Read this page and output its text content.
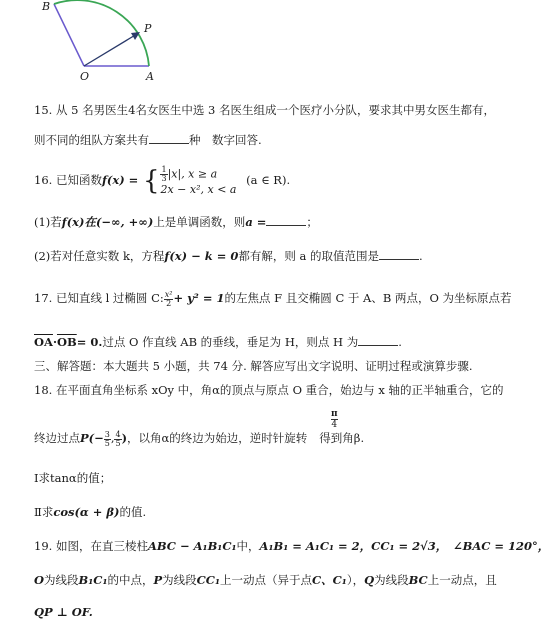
B
P
O	A
15. 从 5 名男医生4名女医生中选 3 名医生组成一个医疗小分队，要求其中男女医生都有，
则不同的组队方案共有	种　数字回答.
16. 已知函数f(x) = { $\frac{1}{3} |x|$, x ≥ a
2x − x², x < a
(a ∈ R).
(1)若f(x)在(−∞, +∞)上是单调函数，则a =	；
(2)若对任意实数 k，方程f(x) − k = 0都有解，则 a 的取值范围是	.
17. 已知直线 l 过椭圆 C: $\frac{\text{x²}}{2} + y^2 = 1$的左焦点 F 且交椭圆 C 于 A、B 两点，O 为坐标原点若
$\overline{OA}\cdot\overline{OB}= 0$.过点 O 作直线 AB 的垂线，垂足为 H，则点 H 为	.
三、解答题：本大题共 5 小题，共 74 分. 解答应写出文字说明、证明过程或演算步骤.
18. 在平面直角坐标系 xOy 中，角α的顶点与原点 O 重合，始边与 x 轴的正半轴重合，它的
π
4
终边过点$P(- \frac{3}{5}$ , $\frac{4}{5}$ )，以角α的终边为始边，逆时针旋转 得到角β.
Ⅰ求tanα的值；
Ⅱ求cos(α + β)的值.
19. 如图，在直三棱柱ABC − A₁B₁C₁中，A₁B₁ = A₁C₁ = 2，CC₁ = 2√3，　∠BAC = 120°，
O为线段B₁C₁的中点，P为线段CC₁上一动点（异于点C、C₁），Q为线段BC上一动点，且
QP ⊥ OF.
